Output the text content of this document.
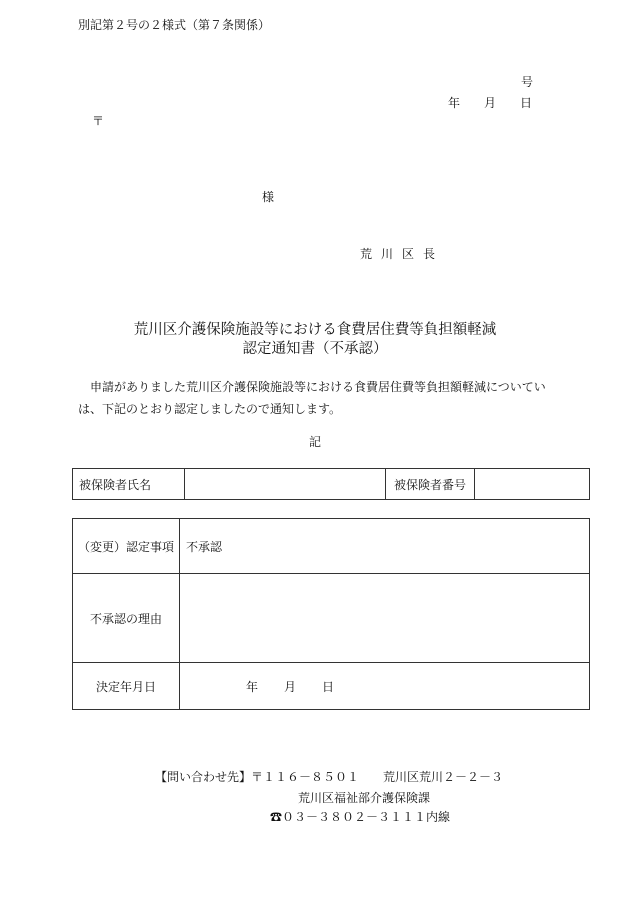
別記第２号の２様式（第７条関係）
号
年 月 日
〒
様
荒川区長
荒川区介護保険施設等における食費居住費等負担額軽減
認定通知書（不承認）
申請がありました荒川区介護保険施設等における食費居住費等負担額軽減についてい
は、下記のとおり認定しましたので通知します。
記
被保険者氏名		被保険者番号	
（変更）認定事項	不承認
不承認の理由	
決定年月日	年 月 日
【問い合わせ先】〒１１６－８５０１　　荒川区荒川２－２－３
荒川区福祉部介護保険課
☎０３－３８０２－３１１１内線
